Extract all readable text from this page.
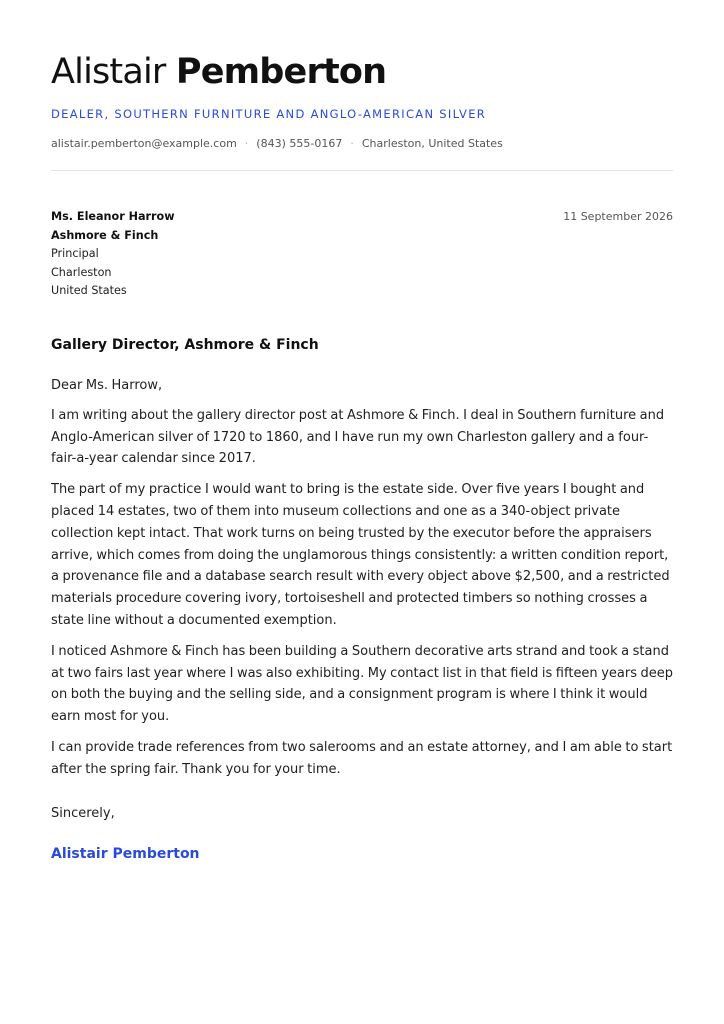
Alistair Pemberton
DEALER, SOUTHERN FURNITURE AND ANGLO-AMERICAN SILVER
alistair.pemberton@example.com · (843) 555-0167 · Charleston, United States
Ms. Eleanor Harrow
Ashmore & Finch
Principal
Charleston
United States
11 September 2026
Gallery Director, Ashmore & Finch

Dear Ms. Harrow,

I am writing about the gallery director post at Ashmore & Finch. I deal in Southern furniture and Anglo-American silver of 1720 to 1860, and I have run my own Charleston gallery and a four-fair-a-year calendar since 2017.

The part of my practice I would want to bring is the estate side. Over five years I bought and placed 14 estates, two of them into museum collections and one as a 340-object private collection kept intact. That work turns on being trusted by the executor before the appraisers arrive, which comes from doing the unglamorous things consistently: a written condition report, a provenance file and a database search result with every object above $2,500, and a restricted materials procedure covering ivory, tortoiseshell and protected timbers so nothing crosses a state line without a documented exemption.

I noticed Ashmore & Finch has been building a Southern decorative arts strand and took a stand at two fairs last year where I was also exhibiting. My contact list in that field is fifteen years deep on both the buying and the selling side, and a consignment program is where I think it would earn most for you.

I can provide trade references from two salerooms and an estate attorney, and I am able to start after the spring fair. Thank you for your time.

Sincerely,
Alistair Pemberton
